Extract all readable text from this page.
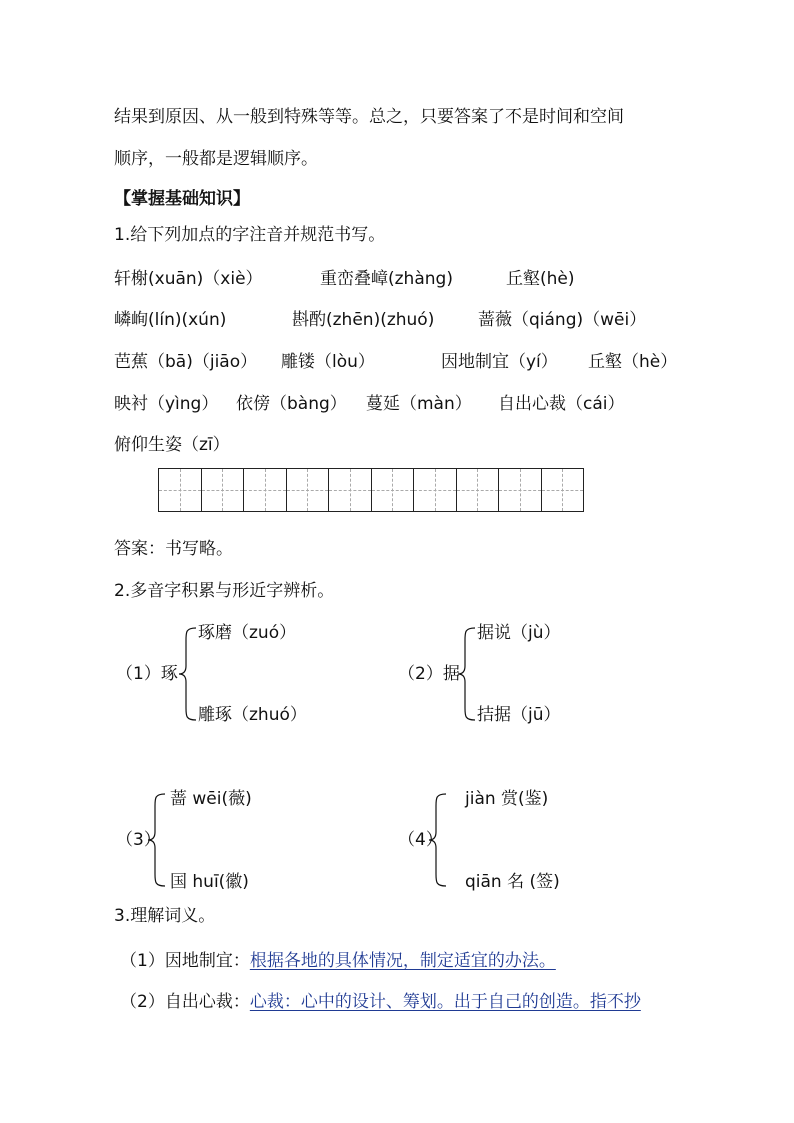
结果到原因、从一般到特殊等等。总之，只要答案了不是时间和空间
顺序，一般都是逻辑顺序。
【掌握基础知识】
1.给下列加点的字注音并规范书写。
轩榭(xuān)（xiè）	重峦叠嶂(zhàng)	丘壑(hè)
嶙峋(lín)(xún)	斟酌(zhēn)(zhuó)	蔷薇（qiáng)（wēi）
芭蕉（bā)（jiāo） 雕镂（lòu）	因地制宜（yí） 丘壑（hè）
映衬（yìng） 依傍（bàng） 蔓延（màn） 自出心裁（cái）
俯仰生姿（zī）
答案：书写略。
2.多音字积累与形近字辨析。
（1）琢
琢磨（zuó）
雕琢（zhuó）
（2）据
据说（jù）
拮据（jū）
（3）
蔷 wēi(薇)
国 huī(徽)
（4）
jiàn 赏(鉴)
qiān 名 (签)
3.理解词义。
（1）因地制宜：根据各地的具体情况，制定适宜的办法。
（2）自出心裁：心裁：心中的设计、筹划。出于自己的创造。指不抄
